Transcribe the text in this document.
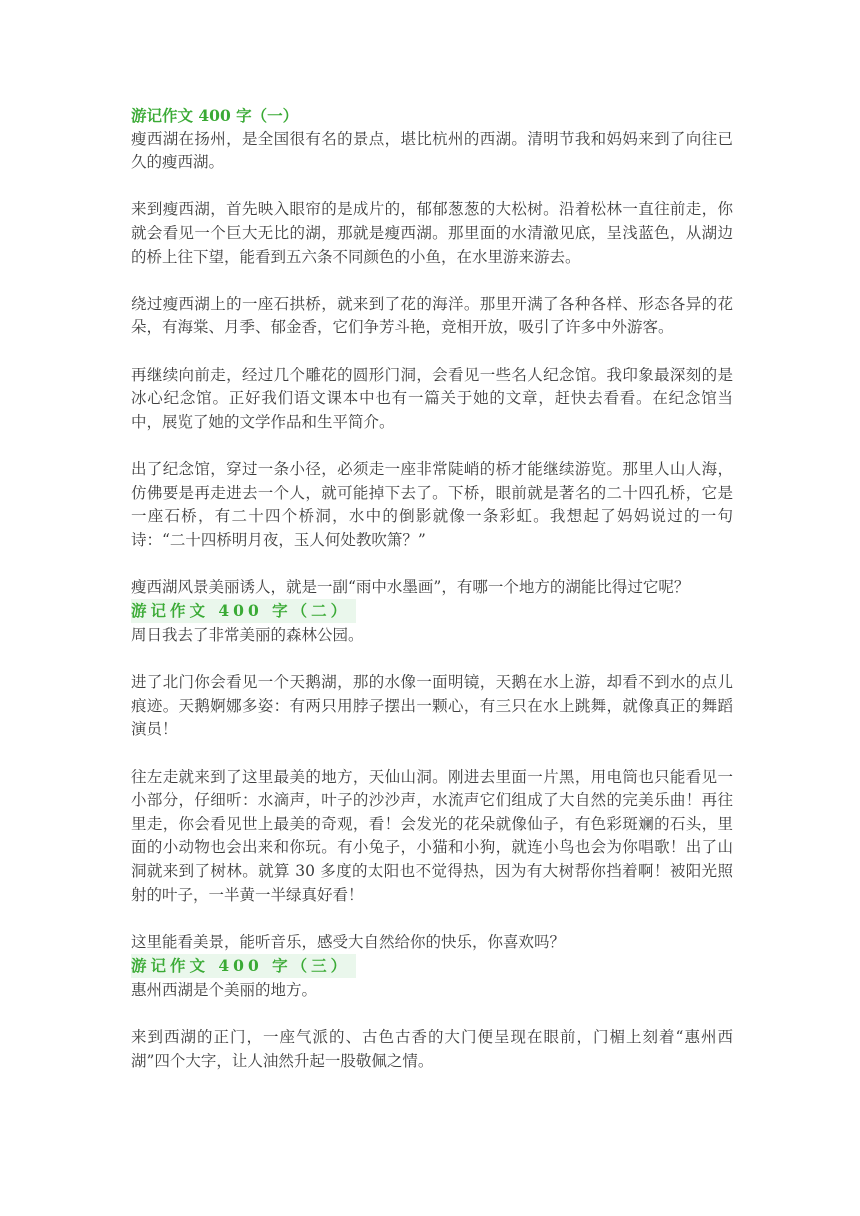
游记作文 400 字（一）

瘦西湖在扬州，是全国很有名的景点，堪比杭州的西湖。清明节我和妈妈来到了向往已久的瘦西湖。

来到瘦西湖，首先映入眼帘的是成片的，郁郁葱葱的大松树。沿着松林一直往前走，你就会看见一个巨大无比的湖，那就是瘦西湖。那里面的水清澈见底，呈浅蓝色，从湖边的桥上往下望，能看到五六条不同颜色的小鱼，在水里游来游去。

绕过瘦西湖上的一座石拱桥，就来到了花的海洋。那里开满了各种各样、形态各异的花朵，有海棠、月季、郁金香，它们争芳斗艳，竞相开放，吸引了许多中外游客。

再继续向前走，经过几个雕花的圆形门洞，会看见一些名人纪念馆。我印象最深刻的是冰心纪念馆。正好我们语文课本中也有一篇关于她的文章，赶快去看看。在纪念馆当中，展览了她的文学作品和生平简介。

出了纪念馆，穿过一条小径，必须走一座非常陡峭的桥才能继续游览。那里人山人海，仿佛要是再走进去一个人，就可能掉下去了。下桥，眼前就是著名的二十四孔桥，它是一座石桥，有二十四个桥洞，水中的倒影就像一条彩虹。我想起了妈妈说过的一句诗：“二十四桥明月夜，玉人何处教吹箫？”

瘦西湖风景美丽诱人，就是一副“雨中水墨画”，有哪一个地方的湖能比得过它呢？

游记作文 400 字（二）

周日我去了非常美丽的森林公园。

进了北门你会看见一个天鹅湖，那的水像一面明镜，天鹅在水上游，却看不到水的点儿痕迹。天鹅婀娜多姿：有两只用脖子摆出一颗心，有三只在水上跳舞，就像真正的舞蹈演员！

往左走就来到了这里最美的地方，天仙山洞。刚进去里面一片黑，用电筒也只能看见一小部分，仔细听：水滴声，叶子的沙沙声，水流声它们组成了大自然的完美乐曲！再往里走，你会看见世上最美的奇观，看！会发光的花朵就像仙子，有色彩斑斓的石头，里面的小动物也会出来和你玩。有小兔子，小猫和小狗，就连小鸟也会为你唱歌！出了山洞就来到了树林。就算 30 多度的太阳也不觉得热，因为有大树帮你挡着啊！被阳光照射的叶子，一半黄一半绿真好看！

这里能看美景，能听音乐，感受大自然给你的快乐，你喜欢吗？

游记作文 400 字（三）

惠州西湖是个美丽的地方。

来到西湖的正门，一座气派的、古色古香的大门便呈现在眼前，门楣上刻着“惠州西湖”四个大字，让人油然升起一股敬佩之情。
